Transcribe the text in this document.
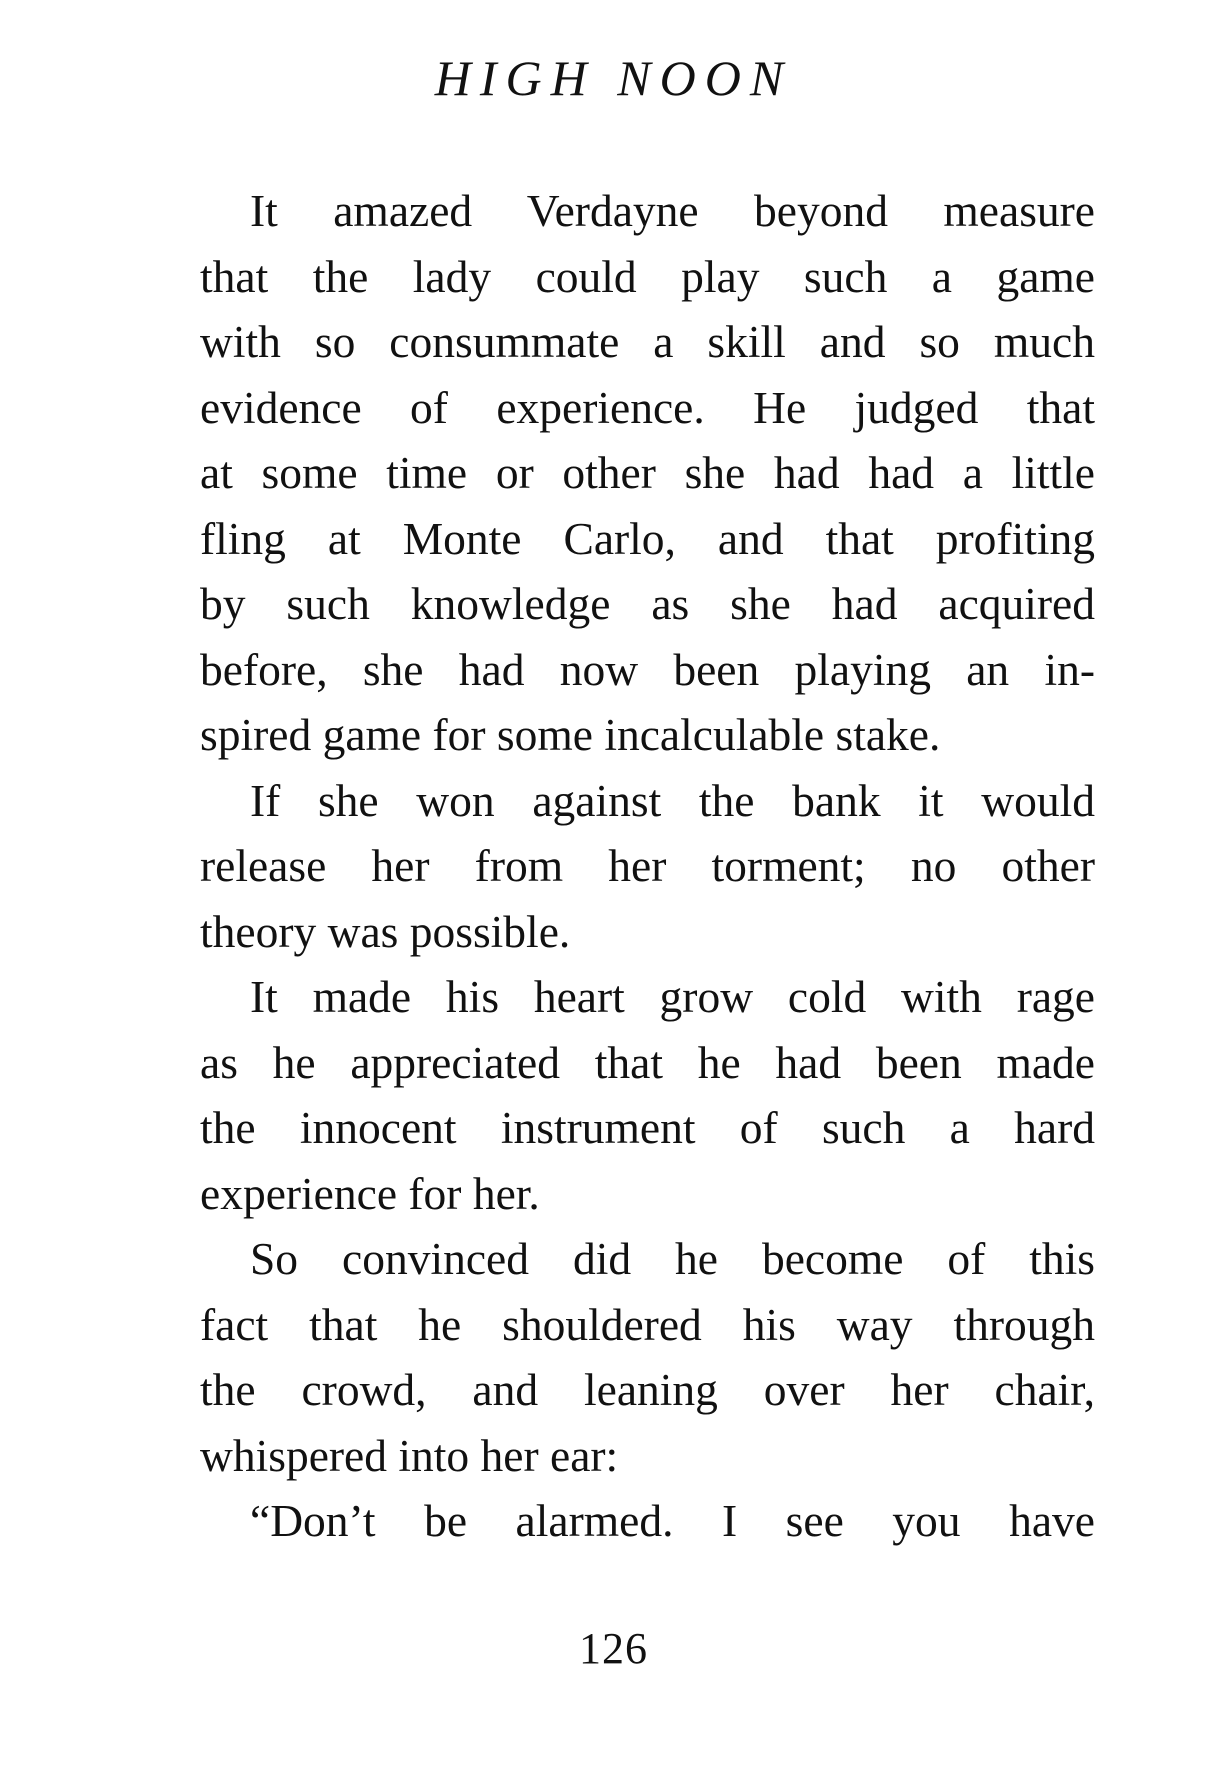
HIGH NOON
It amazed Verdayne beyond measure
that the lady could play such a game
with so consummate a skill and so much
evidence of experience. He judged that
at some time or other she had had a little
fling at Monte Carlo, and that profiting
by such knowledge as she had acquired
before, she had now been playing an in-
spired game for some incalculable stake.
If she won against the bank it would
release her from her torment; no other
theory was possible.
It made his heart grow cold with rage
as he appreciated that he had been made
the innocent instrument of such a hard
experience for her.
So convinced did he become of this
fact that he shouldered his way through
the crowd, and leaning over her chair,
whispered into her ear:
“Don’t be alarmed. I see you have
126
